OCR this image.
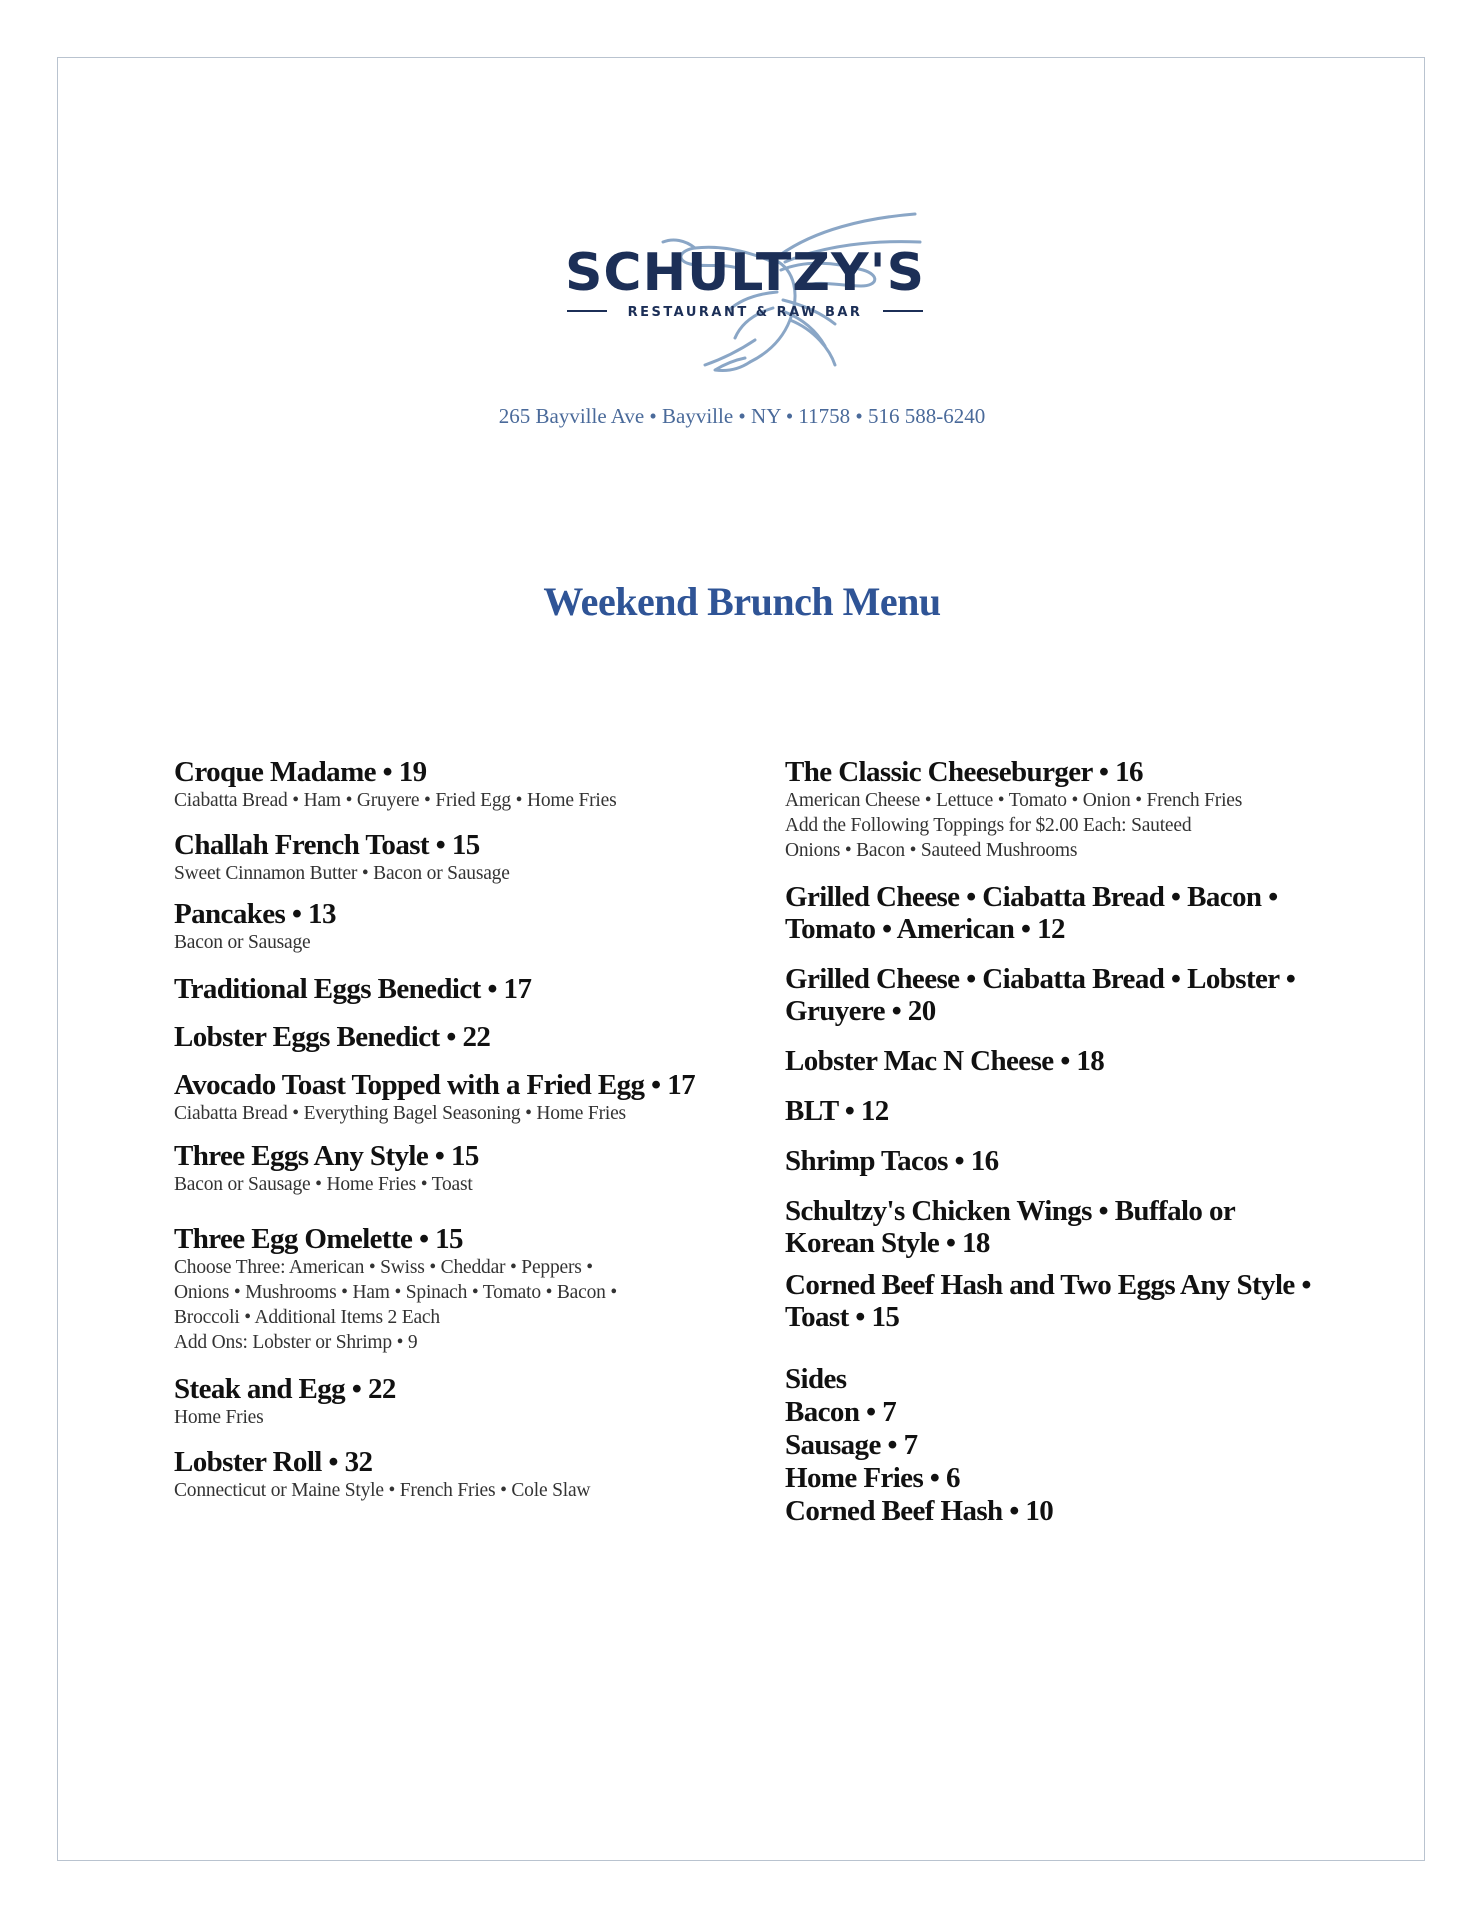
SCHULTZY'S
RESTAURANT & RAW BAR
265 Bayville Ave • Bayville • NY • 11758 • 516 588-6240
Weekend Brunch Menu
Croque Madame • 19
Ciabatta Bread • Ham • Gruyere • Fried Egg • Home Fries
Challah French Toast • 15
Sweet Cinnamon Butter • Bacon or Sausage
Pancakes • 13
Bacon or Sausage
Traditional Eggs Benedict • 17
Lobster Eggs Benedict • 22
Avocado Toast Topped with a Fried Egg • 17
Ciabatta Bread • Everything Bagel Seasoning • Home Fries
Three Eggs Any Style • 15
Bacon or Sausage • Home Fries • Toast
Three Egg Omelette • 15
Choose Three: American • Swiss • Cheddar • Peppers •
Onions • Mushrooms • Ham • Spinach • Tomato • Bacon •
Broccoli • Additional Items 2 Each
Add Ons: Lobster or Shrimp • 9
Steak and Egg • 22
Home Fries
Lobster Roll • 32
Connecticut or Maine Style • French Fries • Cole Slaw
The Classic Cheeseburger • 16
American Cheese • Lettuce • Tomato • Onion • French Fries
Add the Following Toppings for $2.00 Each: Sauteed
Onions • Bacon • Sauteed Mushrooms
Grilled Cheese • Ciabatta Bread • Bacon •
Tomato • American • 12
Grilled Cheese • Ciabatta Bread • Lobster •
Gruyere • 20
Lobster Mac N Cheese • 18
BLT • 12
Shrimp Tacos • 16
Schultzy's Chicken Wings • Buffalo or
Korean Style • 18
Corned Beef Hash and Two Eggs Any Style •
Toast • 15
Sides
Bacon • 7
Sausage • 7
Home Fries • 6
Corned Beef Hash • 10
